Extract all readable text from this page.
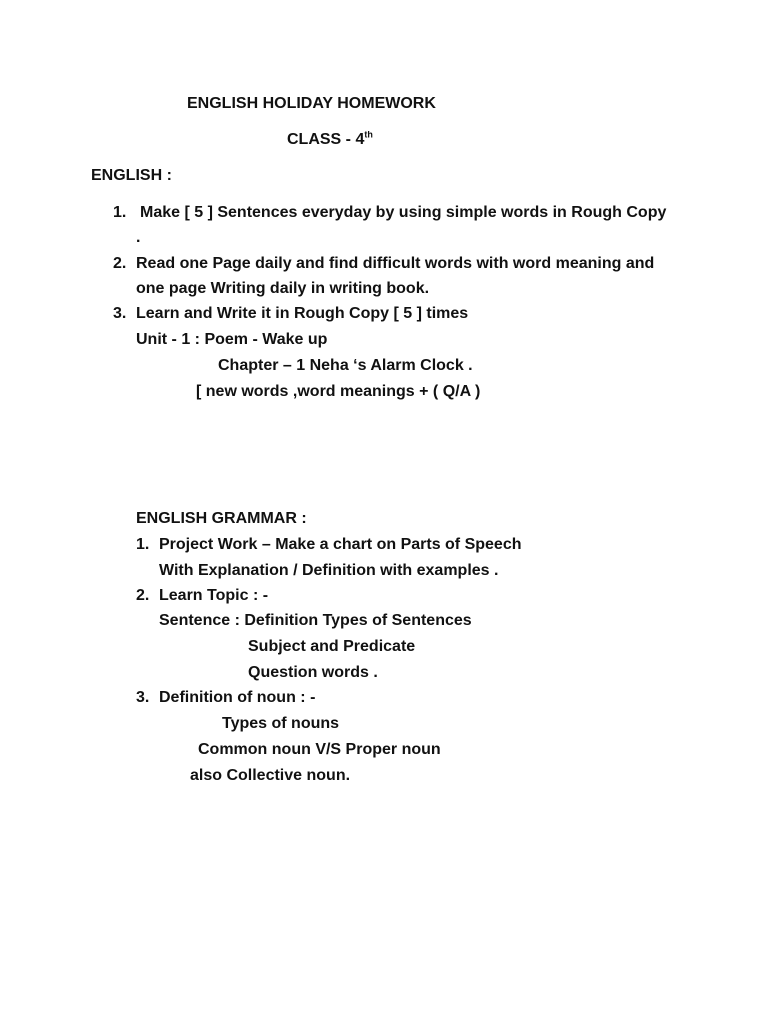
ENGLISH HOLIDAY HOMEWORK
CLASS - 4th
ENGLISH :
1. Make [ 5 ] Sentences everyday by using simple words in Rough Copy
.
2. Read one Page daily and find difficult words with word meaning and
one page Writing daily in writing book.
3. Learn and Write it in Rough Copy [ 5 ] times
Unit - 1 : Poem - Wake up
Chapter – 1 Neha ‘s Alarm Clock .
[ new words ,word meanings + ( Q/A )
ENGLISH GRAMMAR :
1. Project Work – Make a chart on Parts of Speech
With Explanation / Definition with examples .
2. Learn Topic : -
Sentence : Definition Types of Sentences
Subject and Predicate
Question words .
3. Definition of noun : -
Types of nouns
Common noun V/S Proper noun
also Collective noun.
